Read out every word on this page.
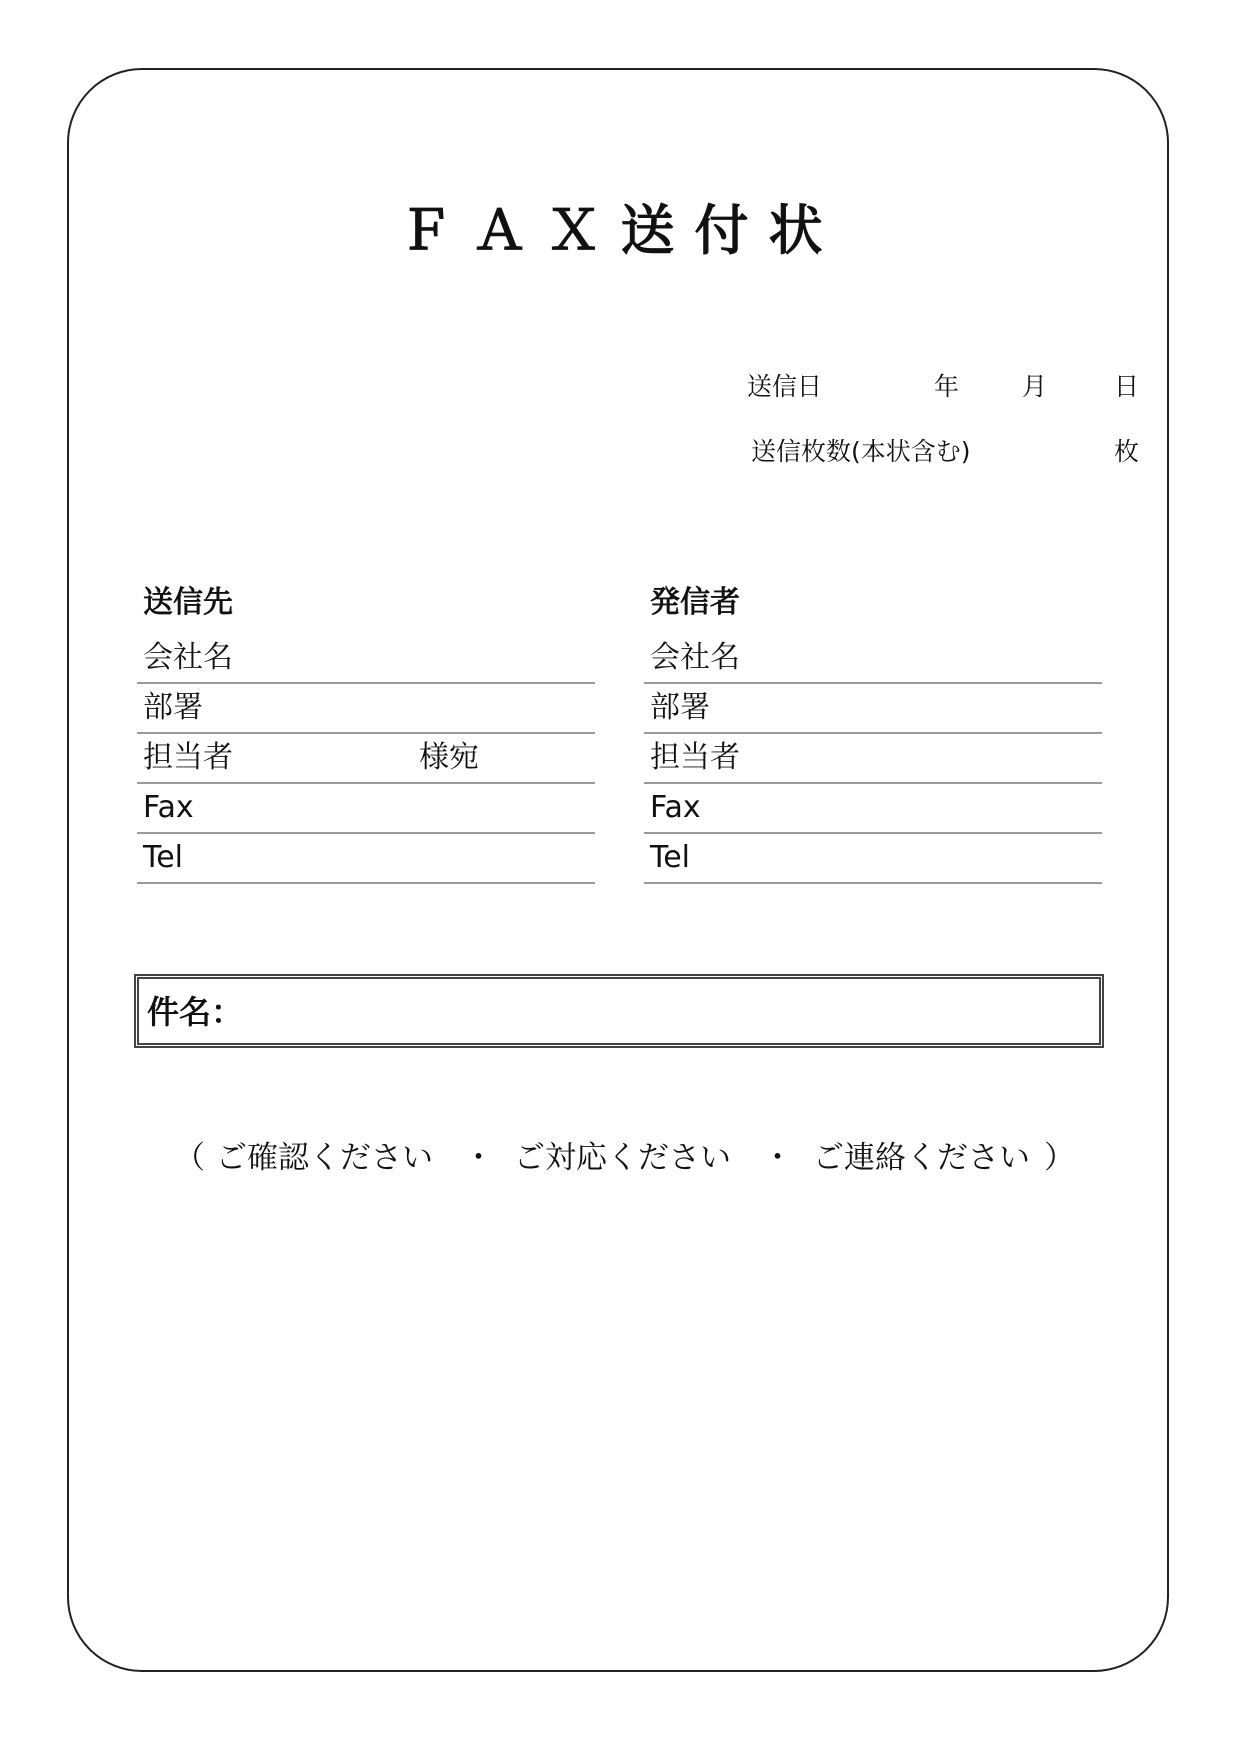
ＦＡＸ送付状
送信日	年	月	日
送信枚数(本状含む)	枚
送信先
会社名
部署
担当者	様宛
Fax
Tel
発信者
会社名
部署
担当者
Fax
Tel
件名：
（ ご確認ください ・ ご対応ください ・ ご連絡ください ）
